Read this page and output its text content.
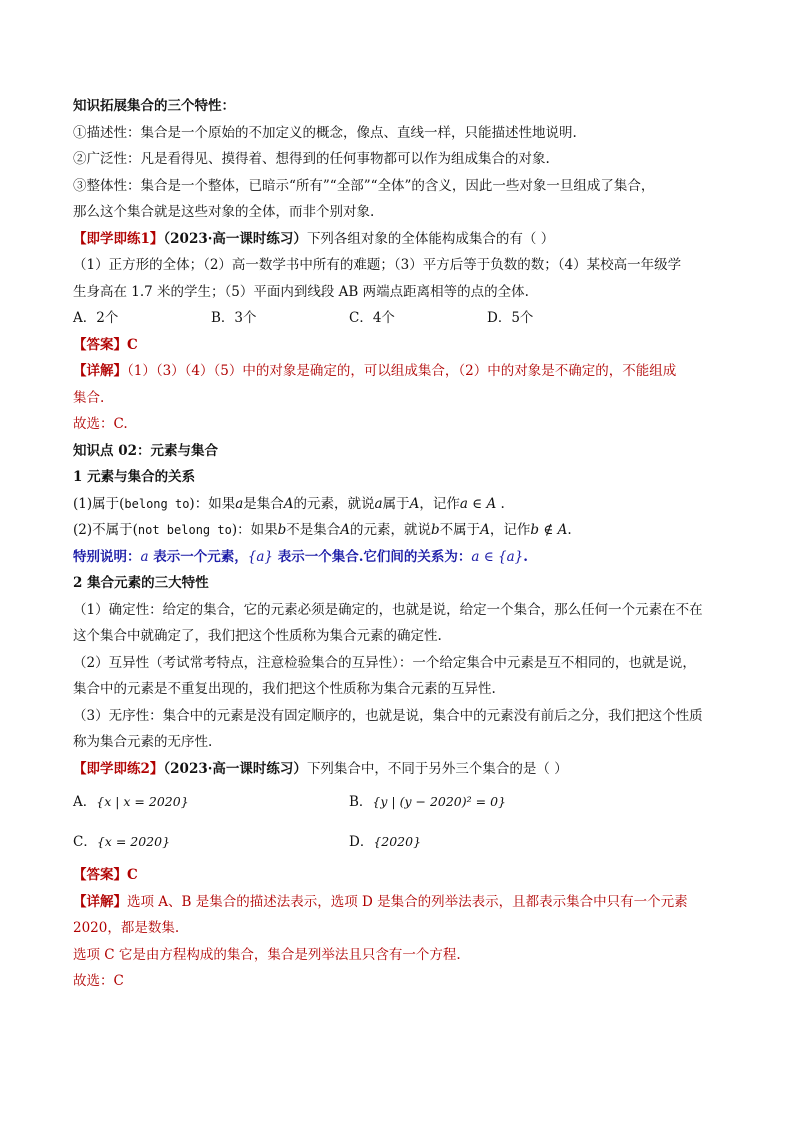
知识拓展集合的三个特性：
①描述性：集合是一个原始的不加定义的概念，像点、直线一样，只能描述性地说明.
②广泛性：凡是看得见、摸得着、想得到的任何事物都可以作为组成集合的对象.
③整体性：集合是一个整体，已暗示“所有”“全部”“全体”的含义，因此一些对象一旦组成了集合，
那么这个集合就是这些对象的全体，而非个别对象.
【即学即练1】（2023·高一课时练习）下列各组对象的全体能构成集合的有（ ）
（1）正方形的全体；（2）高一数学书中所有的难题；（3）平方后等于负数的数；（4）某校高一年级学
生身高在 1.7 米的学生；（5）平面内到线段 AB 两端点距离相等的点的全体.
A．2个	B．3个	C．4个	D．5个
【答案】C
【详解】（1）（3）（4）（5）中的对象是确定的，可以组成集合，（2）中的对象是不确定的，不能组成
集合.
故选：C.
知识点 02：元素与集合
1 元素与集合的关系
(1)属于(belong to)：如果a是集合A的元素，就说a属于A，记作a ∈ A .
(2)不属于(not belong to)：如果b不是集合A的元素，就说b不属于A，记作b ∉ A.
特别说明：a 表示一个元素，{a} 表示一个集合.它们间的关系为：a ∈ {a}.
2 集合元素的三大特性
（1）确定性：给定的集合，它的元素必须是确定的，也就是说，给定一个集合，那么任何一个元素在不在
这个集合中就确定了，我们把这个性质称为集合元素的确定性.
（2）互异性（考试常考特点，注意检验集合的互异性）：一个给定集合中元素是互不相同的，也就是说，
集合中的元素是不重复出现的，我们把这个性质称为集合元素的互异性.
（3）无序性：集合中的元素是没有固定顺序的，也就是说，集合中的元素没有前后之分，我们把这个性质
称为集合元素的无序性.
【即学即练2】（2023·高一课时练习）下列集合中，不同于另外三个集合的是（ ）
A．{x | x = 2020}	B．{y | (y − 2020)² = 0}
C．{x = 2020}	D．{2020}
【答案】C
【详解】选项 A、B 是集合的描述法表示，选项 D 是集合的列举法表示，且都表示集合中只有一个元素
2020，都是数集.
选项 C 它是由方程构成的集合，集合是列举法且只含有一个方程.
故选：C
